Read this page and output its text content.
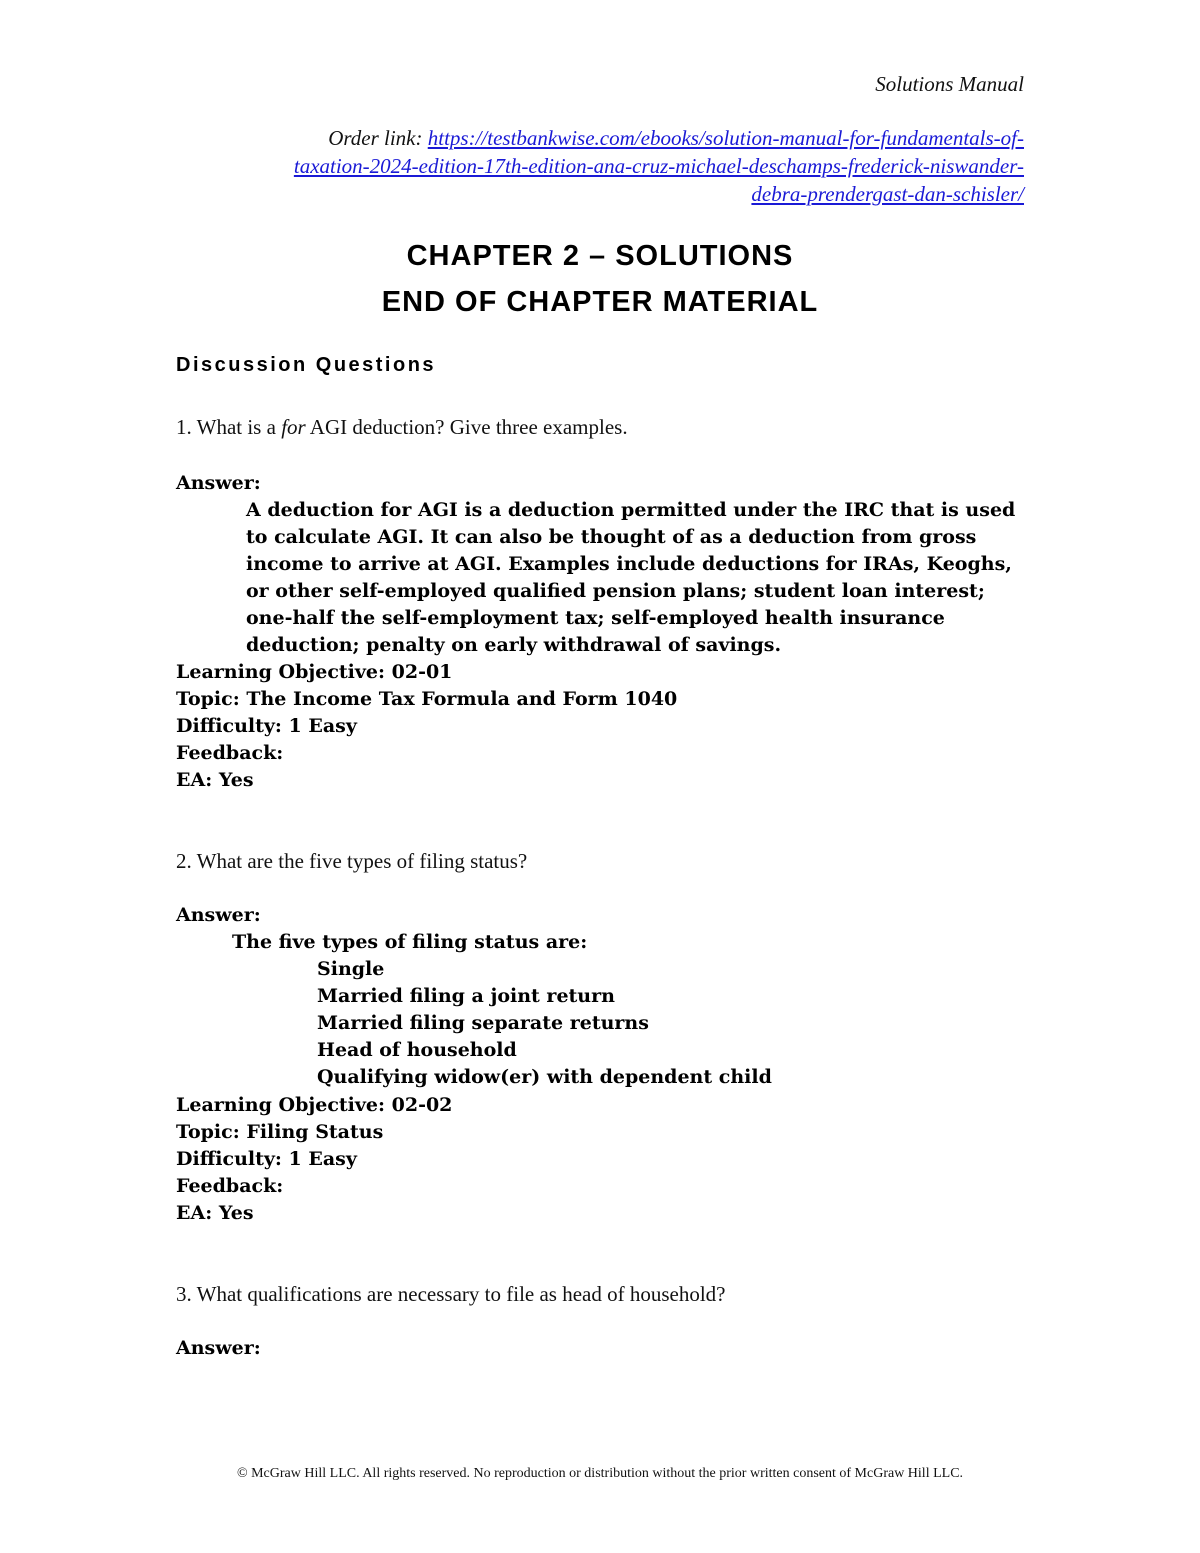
Solutions Manual
Order link: https://testbankwise.com/ebooks/solution-manual-for-fundamentals-of-
taxation-2024-edition-17th-edition-ana-cruz-michael-deschamps-frederick-niswander-
debra-prendergast-dan-schisler/
CHAPTER 2 – SOLUTIONS
END OF CHAPTER MATERIAL
Discussion Questions
1. What is a for AGI deduction? Give three examples.
Answer:
A deduction for AGI is a deduction permitted under the IRC that is used to calculate AGI. It can also be thought of as a deduction from gross income to arrive at AGI. Examples include deductions for IRAs, Keoghs, or other self-employed qualified pension plans; student loan interest; one-half the self-employment tax; self-employed health insurance deduction; penalty on early withdrawal of savings.
Learning Objective: 02-01
Topic: The Income Tax Formula and Form 1040
Difficulty: 1 Easy
Feedback:
EA: Yes
2. What are the five types of filing status?
Answer:
The five types of filing status are:
Single
Married filing a joint return
Married filing separate returns
Head of household
Qualifying widow(er) with dependent child
Learning Objective: 02-02
Topic: Filing Status
Difficulty: 1 Easy
Feedback:
EA: Yes
3. What qualifications are necessary to file as head of household?
Answer:
© McGraw Hill LLC. All rights reserved. No reproduction or distribution without the prior written consent of McGraw Hill LLC.
